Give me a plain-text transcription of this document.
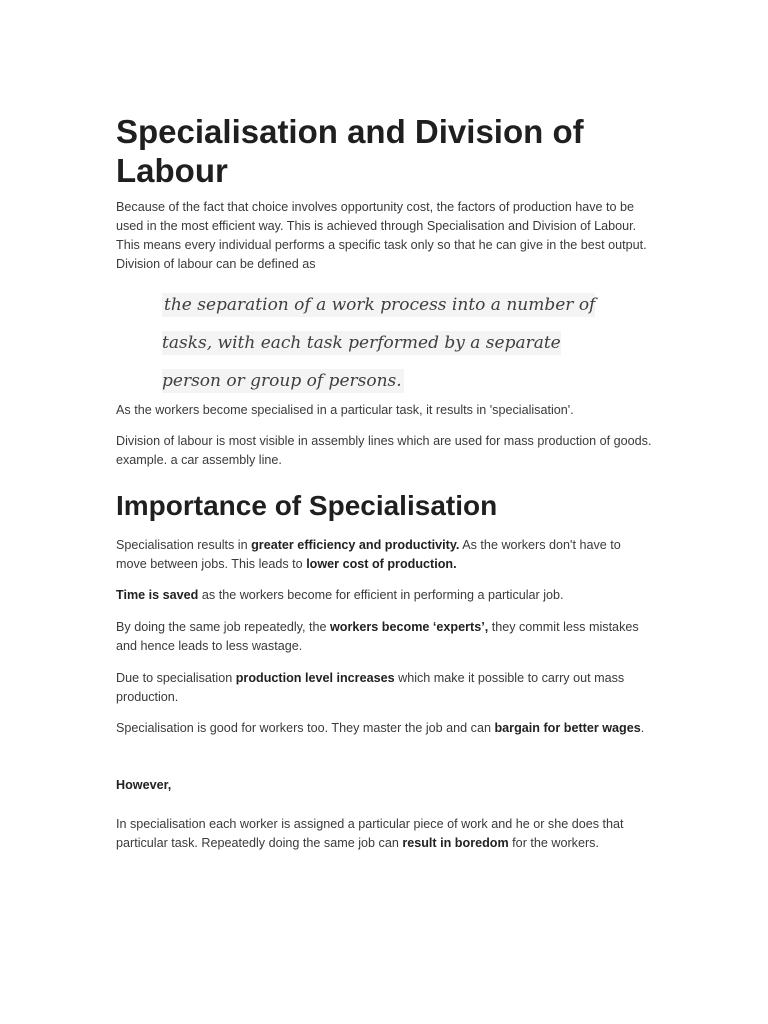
Specialisation and Division of Labour

Because of the fact that choice involves opportunity cost, the factors of production have to be used in the most efficient way. This is achieved through Specialisation and Division of Labour. This means every individual performs a specific task only so that he can give in the best output. Division of labour can be defined as

the separation of a work process into a number of tasks, with each task performed by a separate person or group of persons.

As the workers become specialised in a particular task, it results in 'specialisation'.

Division of labour is most visible in assembly lines which are used for mass production of goods. example. a car assembly line.

Importance of Specialisation

Specialisation results in greater efficiency and productivity. As the workers don't have to move between jobs. This leads to lower cost of production.

Time is saved as the workers become for efficient in performing a particular job.

By doing the same job repeatedly, the workers become ‘experts’, they commit less mistakes and hence leads to less wastage.

Due to specialisation production level increases which make it possible to carry out mass production.

Specialisation is good for workers too. They master the job and can bargain for better wages.

However,

In specialisation each worker is assigned a particular piece of work and he or she does that particular task. Repeatedly doing the same job can result in boredom for the workers.
